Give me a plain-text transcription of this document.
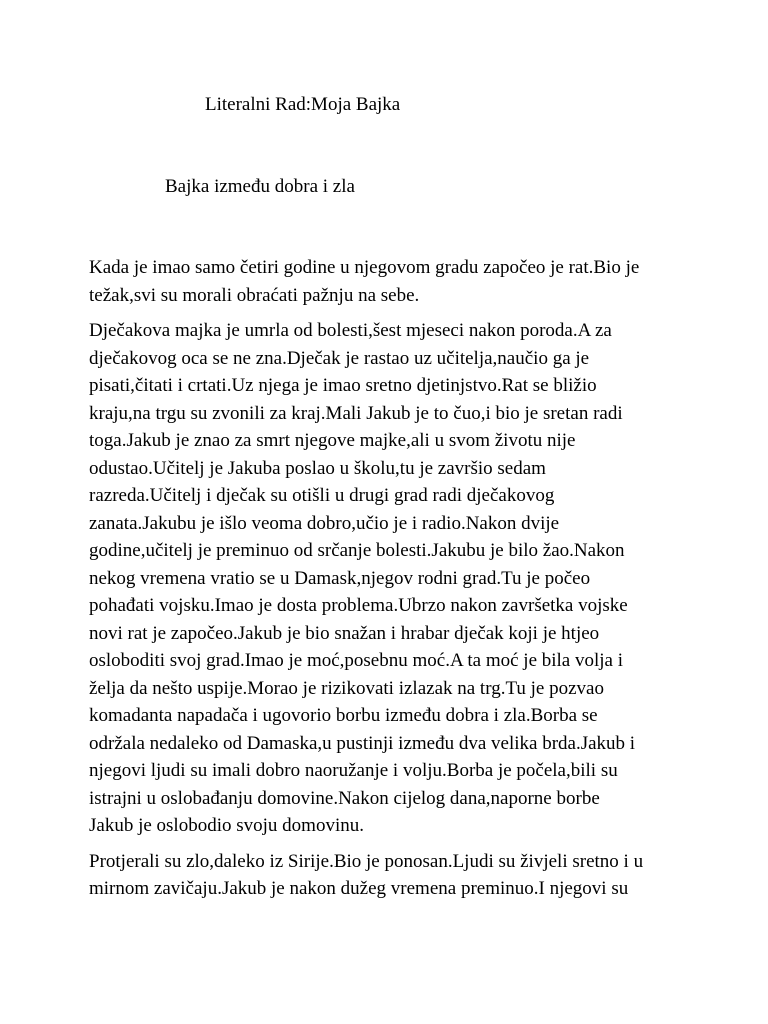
Literalni Rad:Moja Bajka
Bajka između dobra i zla

Kada je imao samo četiri godine u njegovom gradu započeo je rat.Bio je
težak,svi su morali obraćati pažnju na sebe.

Dječakova majka je umrla od bolesti,šest mjeseci nakon poroda.A za
dječakovog oca se ne zna.Dječak je rastao uz učitelja,naučio ga je
pisati,čitati i crtati.Uz njega je imao sretno djetinjstvo.Rat se bližio
kraju,na trgu su zvonili za kraj.Mali Jakub je to čuo,i bio je sretan radi
toga.Jakub je znao za smrt njegove majke,ali u svom životu nije
odustao.Učitelj je Jakuba poslao u školu,tu je završio sedam
razreda.Učitelj i dječak su otišli u drugi grad radi dječakovog
zanata.Jakubu je išlo veoma dobro,učio je i radio.Nakon dvije
godine,učitelj je preminuo od srčanje bolesti.Jakubu je bilo žao.Nakon
nekog vremena vratio se u Damask,njegov rodni grad.Tu je počeo
pohađati vojsku.Imao je dosta problema.Ubrzo nakon završetka vojske
novi rat je započeo.Jakub je bio snažan i hrabar dječak koji je htjeo
osloboditi svoj grad.Imao je moć,posebnu moć.A ta moć je bila volja i
želja da nešto uspije.Morao je rizikovati izlazak na trg.Tu je pozvao
komadanta napadača i ugovorio borbu između dobra i zla.Borba se
održala nedaleko od Damaska,u pustinji između dva velika brda.Jakub i
njegovi ljudi su imali dobro naoružanje i volju.Borba je počela,bili su
istrajni u oslobađanju domovine.Nakon cijelog dana,naporne borbe
Jakub je oslobodio svoju domovinu.

Protjerali su zlo,daleko iz Sirije.Bio je ponosan.Ljudi su živjeli sretno i u
mirnom zavičaju.Jakub je nakon dužeg vremena preminuo.I njegovi su
